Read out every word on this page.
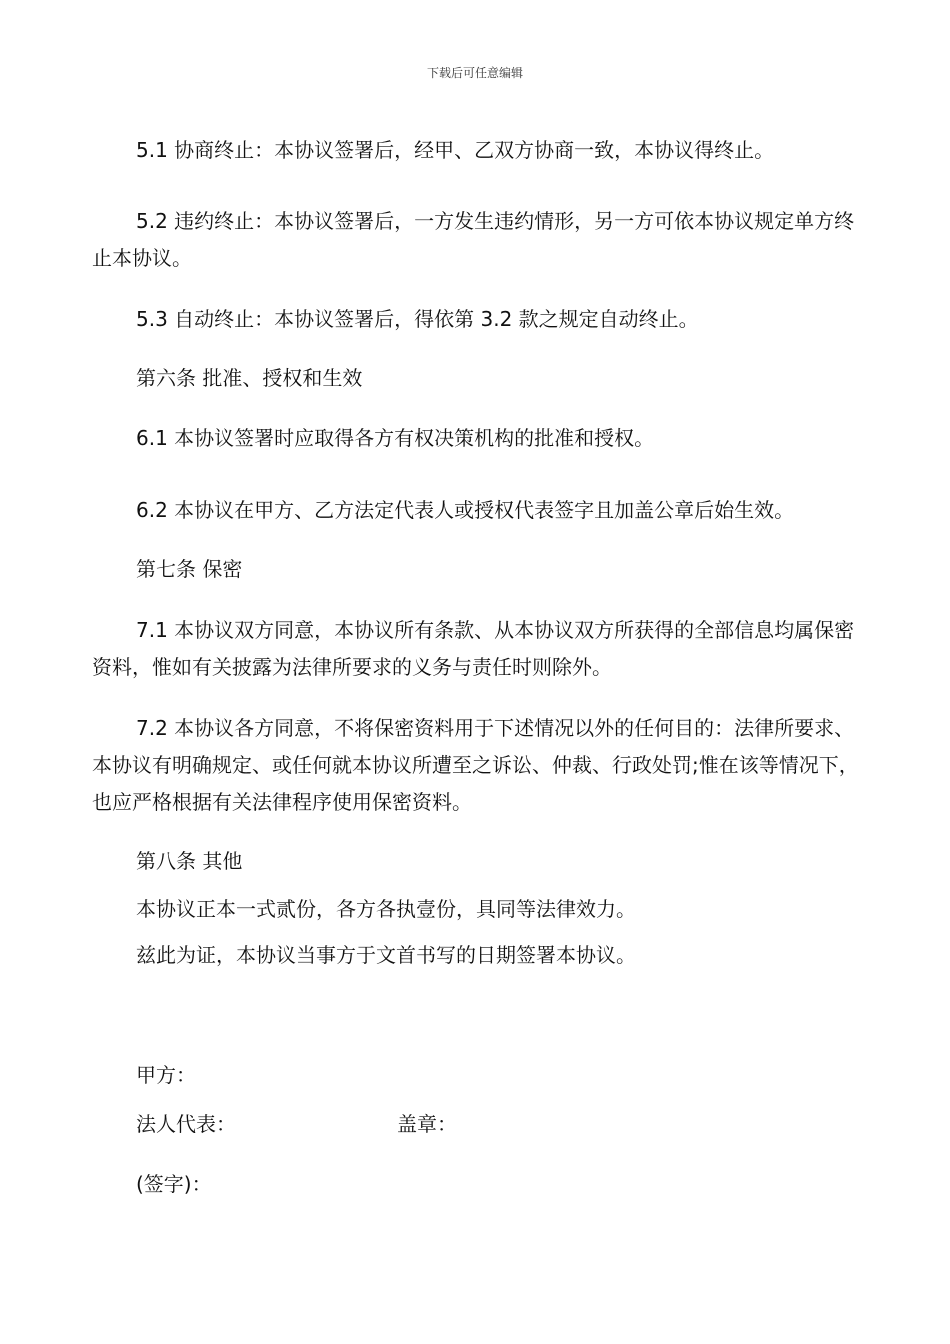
下载后可任意编辑
5.1 协商终止：本协议签署后，经甲、乙双方协商一致，本协议得终止。
5.2 违约终止：本协议签署后，一方发生违约情形，另一方可依本协议规定单方终止本协议。
5.3 自动终止：本协议签署后，得依第 3.2 款之规定自动终止。
第六条 批准、授权和生效
6.1 本协议签署时应取得各方有权决策机构的批准和授权。
6.2 本协议在甲方、乙方法定代表人或授权代表签字且加盖公章后始生效。
第七条 保密
7.1 本协议双方同意，本协议所有条款、从本协议双方所获得的全部信息均属保密资料，惟如有关披露为法律所要求的义务与责任时则除外。
7.2 本协议各方同意，不将保密资料用于下述情况以外的任何目的：法律所要求、本协议有明确规定、或任何就本协议所遭至之诉讼、仲裁、行政处罚;惟在该等情况下，也应严格根据有关法律程序使用保密资料。
第八条 其他
本协议正本一式贰份，各方各执壹份，具同等法律效力。
兹此为证，本协议当事方于文首书写的日期签署本协议。
甲方：
法人代表：	盖章：
(签字)：
